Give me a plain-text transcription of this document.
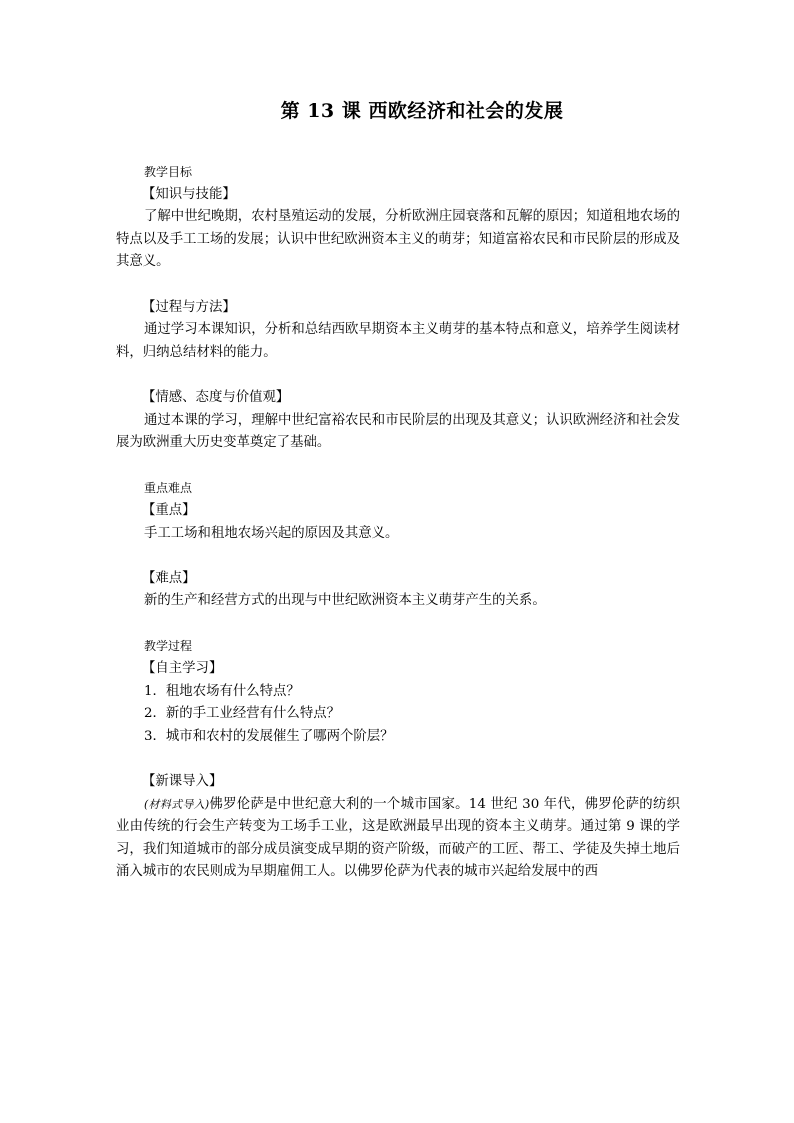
第 13 课 西欧经济和社会的发展

教学目标

【知识与技能】

了解中世纪晚期，农村垦殖运动的发展，分析欧洲庄园衰落和瓦解的原因；知道租地农场的特点以及手工工场的发展；认识中世纪欧洲资本主义的萌芽；知道富裕农民和市民阶层的形成及其意义。

【过程与方法】

通过学习本课知识，分析和总结西欧早期资本主义萌芽的基本特点和意义，培养学生阅读材料，归纳总结材料的能力。

【情感、态度与价值观】

通过本课的学习，理解中世纪富裕农民和市民阶层的出现及其意义；认识欧洲经济和社会发展为欧洲重大历史变革奠定了基础。

重点难点

【重点】

手工工场和租地农场兴起的原因及其意义。

【难点】

新的生产和经营方式的出现与中世纪欧洲资本主义萌芽产生的关系。

教学过程

【自主学习】

1．租地农场有什么特点？

2．新的手工业经营有什么特点？

3．城市和农村的发展催生了哪两个阶层？

【新课导入】

(材料式导入)佛罗伦萨是中世纪意大利的一个城市国家。14 世纪 30 年代，佛罗伦萨的纺织业由传统的行会生产转变为工场手工业，这是欧洲最早出现的资本主义萌芽。通过第 9 课的学习，我们知道城市的部分成员演变成早期的资产阶级，而破产的工匠、帮工、学徒及失掉土地后涌入城市的农民则成为早期雇佣工人。以佛罗伦萨为代表的城市兴起给发展中的西
